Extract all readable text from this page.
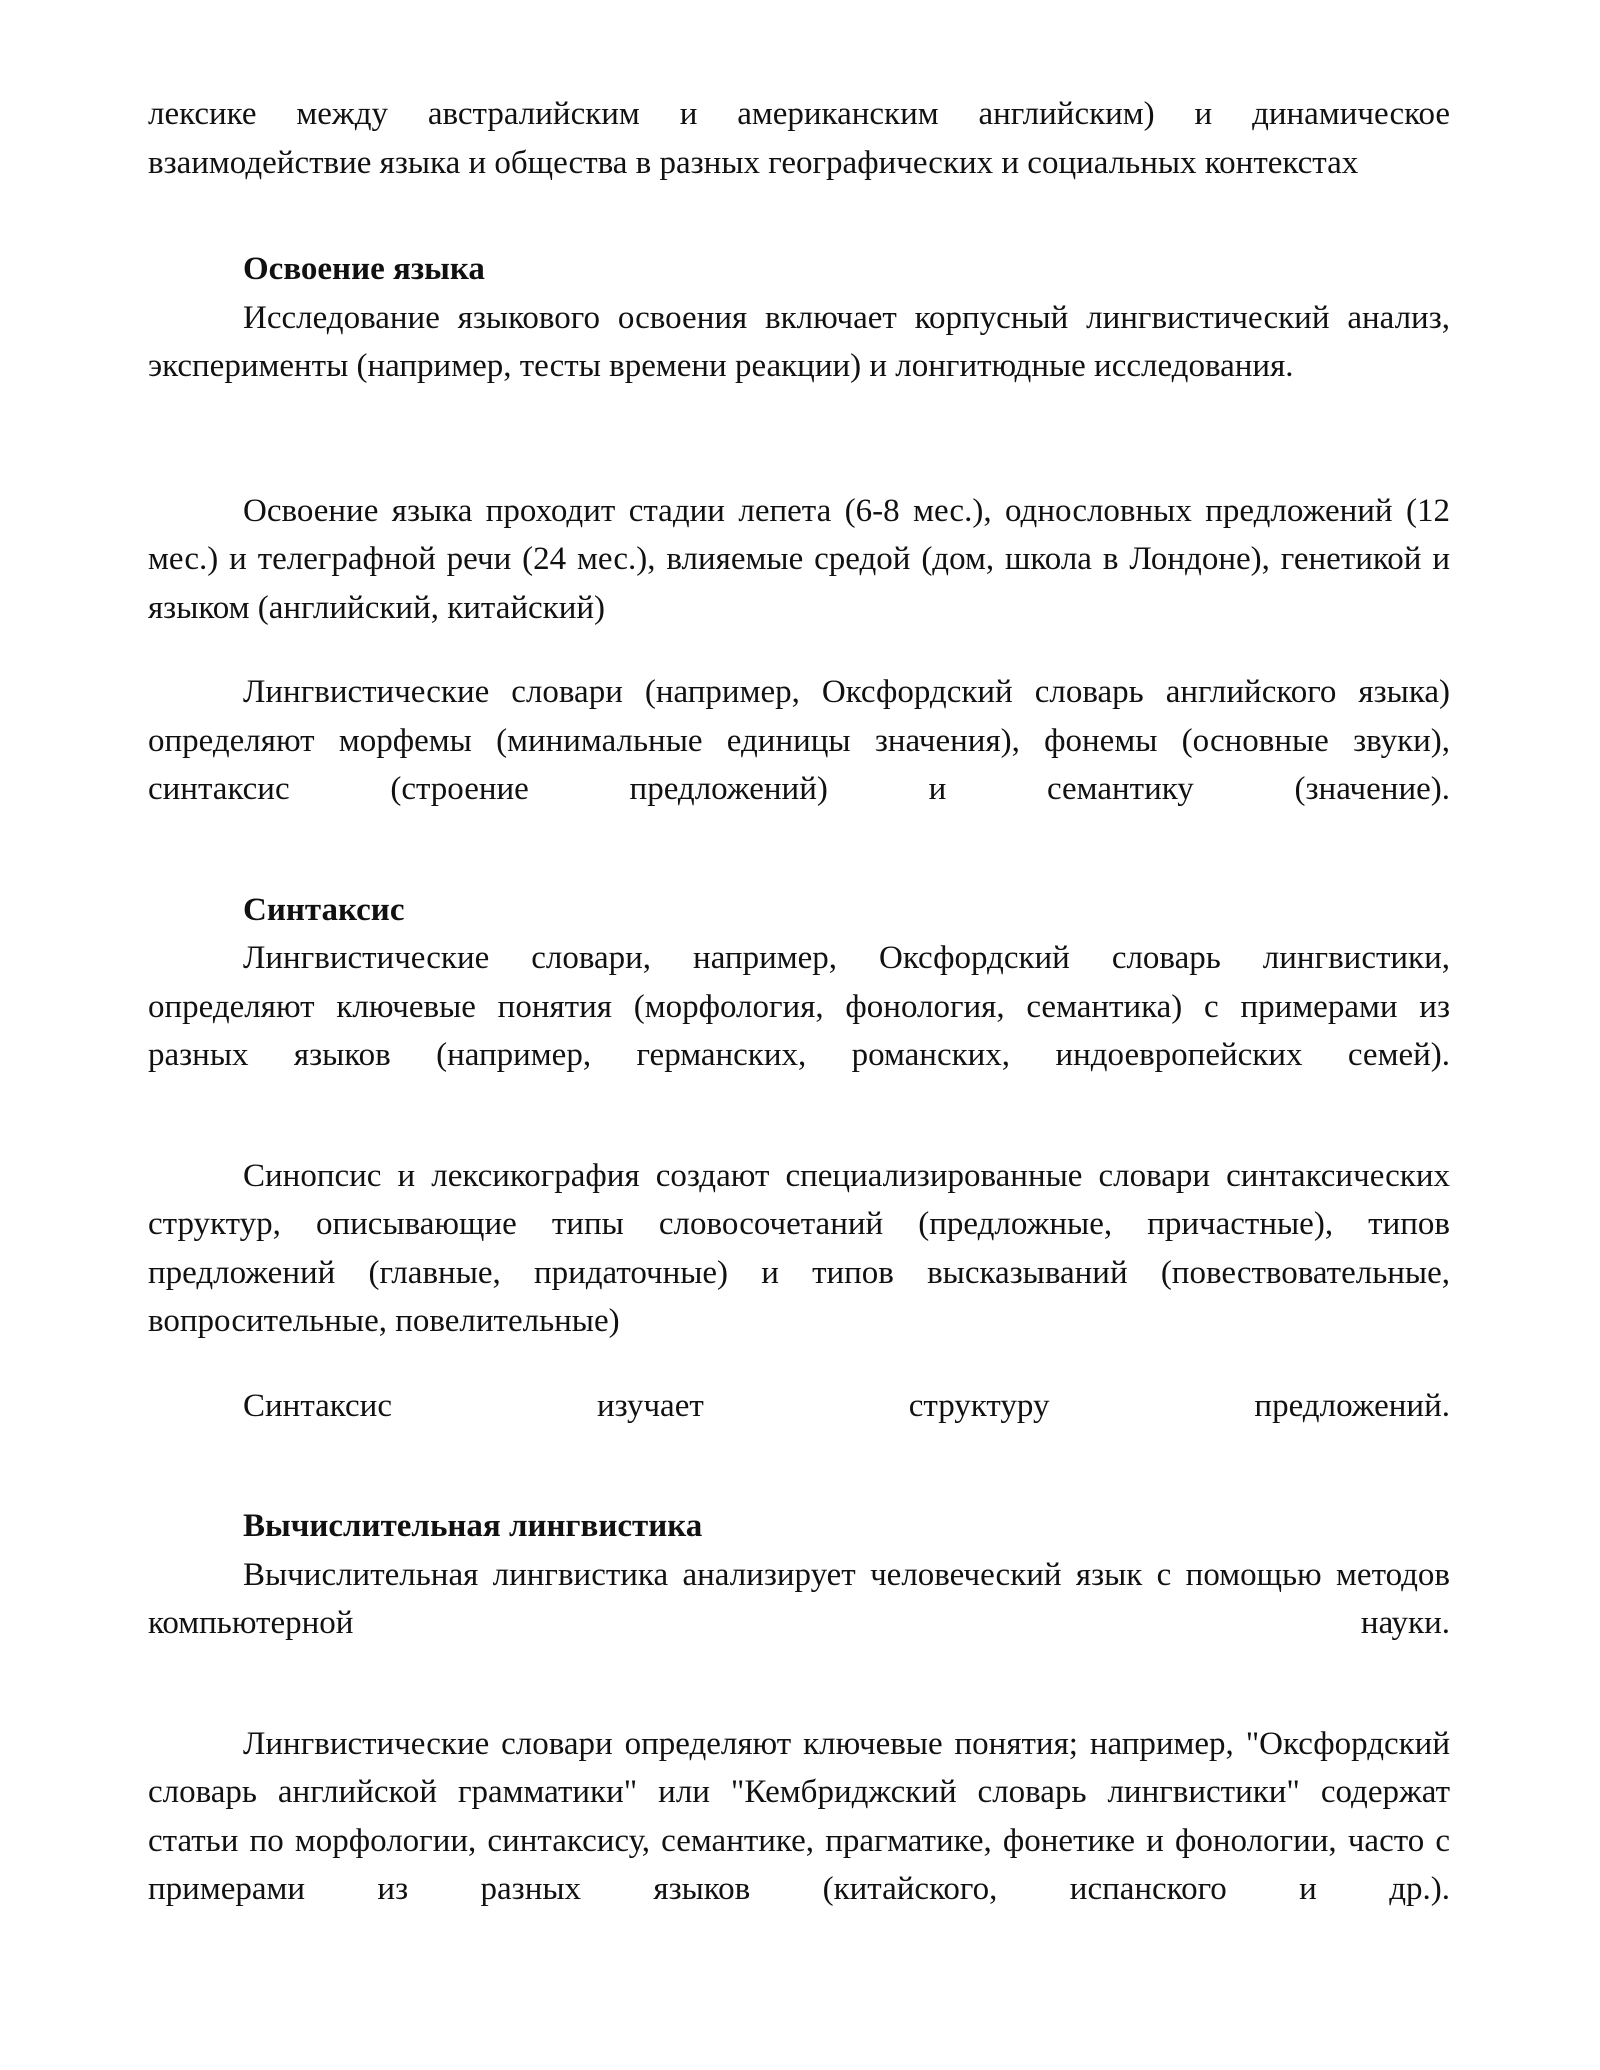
лексике между австралийским и американским английским) и динамическое взаимодействие языка и общества в разных географических и социальных контекстах

Освоение языка

Исследование языкового освоения включает корпусный лингвистический анализ, эксперименты (например, тесты времени реакции) и лонгитюдные исследования.

Освоение языка проходит стадии лепета (6-8 мес.), однословных предложений (12 мес.) и телеграфной речи (24 мес.), влияемые средой (дом, школа в Лондоне), генетикой и языком (английский, китайский)

Лингвистические словари (например, Оксфордский словарь английского языка) определяют морфемы (минимальные единицы значения), фонемы (основные звуки), синтаксис (строение предложений) и семантику (значение).

Синтаксис

Лингвистические словари, например, Оксфордский словарь лингвистики, определяют ключевые понятия (морфология, фонология, семантика) с примерами из разных языков (например, германских, романских, индоевропейских семей).

Синопсис и лексикография создают специализированные словари синтаксических структур, описывающие типы словосочетаний (предложные, причастные), типов предложений (главные, придаточные) и типов высказываний (повествовательные, вопросительные, повелительные)

Синтаксис изучает структуру предложений.

Вычислительная лингвистика

Вычислительная лингвистика анализирует человеческий язык с помощью методов компьютерной науки.

Лингвистические словари определяют ключевые понятия; например, "Оксфордский словарь английской грамматики" или "Кембриджский словарь лингвистики" содержат статьи по морфологии, синтаксису, семантике, прагматике, фонетике и фонологии, часто с примерами из разных языков (китайского, испанского и др.).
